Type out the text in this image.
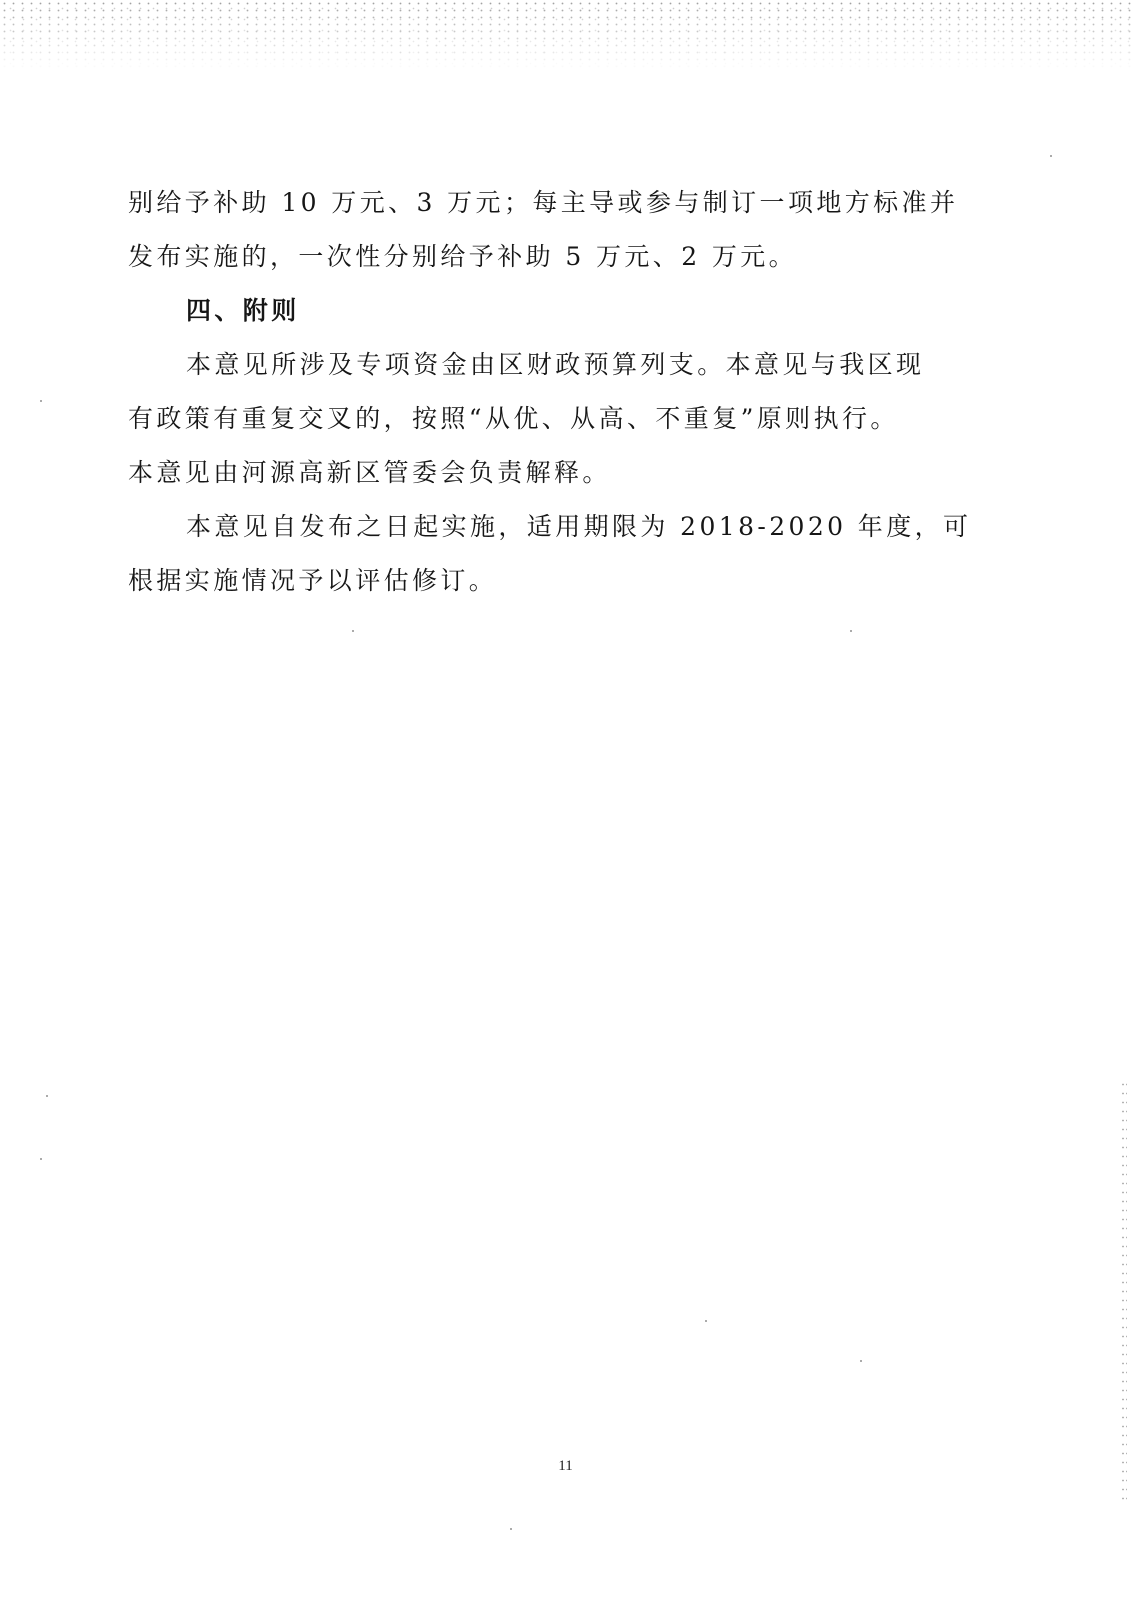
别给予补助 10 万元、3 万元；每主导或参与制订一项地方标准并
发布实施的，一次性分别给予补助 5 万元、2 万元。

四、附则

本意见所涉及专项资金由区财政预算列支。本意见与我区现
有政策有重复交叉的，按照“从优、从高、不重复”原则执行。
本意见由河源高新区管委会负责解释。

本意见自发布之日起实施，适用期限为 2018-2020 年度，可
根据实施情况予以评估修订。

11
